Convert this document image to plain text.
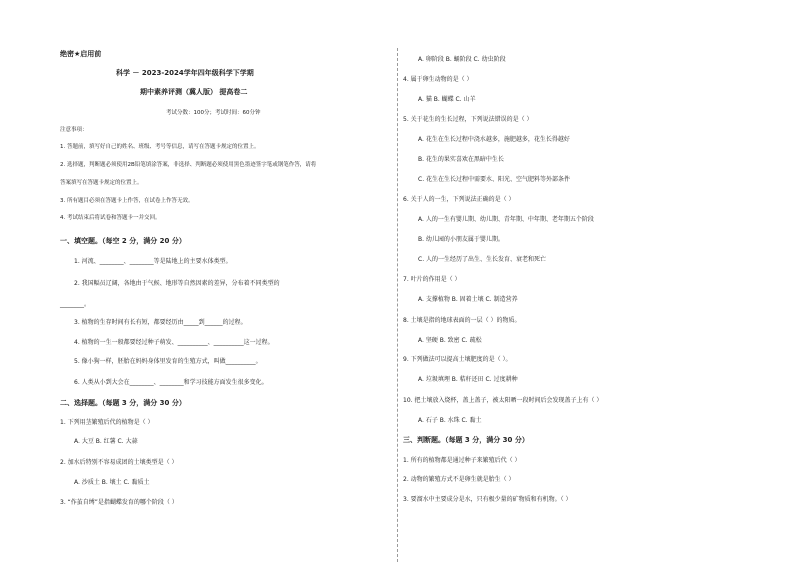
绝密★启用前
科学 － 2023-2024学年四年级科学下学期
期中素养评测（冀人版） 提高卷二
考试分数：100分；考试时间：60分钟
注意事项：
1. 答题前，填写好自己的姓名、班级、考号等信息，请写在答题卡规定的位置上。
2. 选择题，判断题必须使用2B铅笔填涂答案，非选择、判断题必须使用黑色墨迹签字笔或钢笔作答，请将
答案填写在答题卡规定的位置上。
3. 所有题目必须在答题卡上作答，在试卷上作答无效。
4. 考试结束后将试卷和答题卡一并交回。
一、填空题。（每空 2 分，满分 20 分）
1. 河流、________、________等是陆地上的主要水体类型。
2. 我国幅员辽阔，各地由于气候、地形等自然因素的差异，分布着不同类型的
________。
3. 植物的生存时间有长有短，都要经历由_____到______的过程。
4. 植物的一生一般都要经过种子萌发、__________、__________这一过程。
5. 像小狗一样，胚胎在妈妈身体里发育的生殖方式，叫做__________。
6. 人类从小到大会在________、________和学习技能方面发生很多变化。
二、选择题。（每题 3 分，满分 30 分）
1. 下列用茎繁殖后代的植物是（ ）
A. 大豆 B. 红薯 C. 大蒜
2. 加水后特别不容易成团的土壤类型是（ ）
A. 沙质土 B. 壤土 C. 黏质土
3. “作茧自缚”是指蝴蝶发育的哪个阶段（ ）
A. 卵阶段 B. 蛹阶段 C. 幼虫阶段
4. 属于卵生动物的是（ ）
A. 猫 B. 蝴蝶 C. 山羊
5. 关于花生的生长过程，下列说法错误的是（ ）
A. 花生在生长过程中浇水越多，施肥越多，花生长得越好
B. 花生的果实喜欢在黑暗中生长
C. 花生在生长过程中需要水、阳光、空气肥料等外部条件
6. 关于人的一生，下列说法正确的是（ ）
A. 人的一生有婴儿期、幼儿期、青年期、中年期、老年期五个阶段
B. 幼儿园的小朋友属于婴儿期。
C. 人的一生经历了出生、生长发育、衰老和死亡
7. 叶片的作用是（ ）
A. 支撑植物 B. 固着土壤 C. 制造营养
8. 土壤是指的地球表面的一层（ ）的物质。
A. 坚硬 B. 致密 C. 疏松
9. 下列做法可以提高土壤肥度的是（ ）。
A. 垃圾填埋 B. 秸秆还田 C. 过度耕种
10. 把土壤放入烧杯，盖上盖子，被太阳晒一段时间后会发现盖子上有（ ）
A. 石子 B. 水珠 C. 黏土
三、判断题。（每题 3 分，满分 30 分）
1. 所有的植物都是通过种子来繁殖后代（ ）
2. 动物的繁殖方式不是卵生就是胎生（ ）
3. 要溜水中主要成分是水，只有极少量的矿物质和有机物。（ ）
